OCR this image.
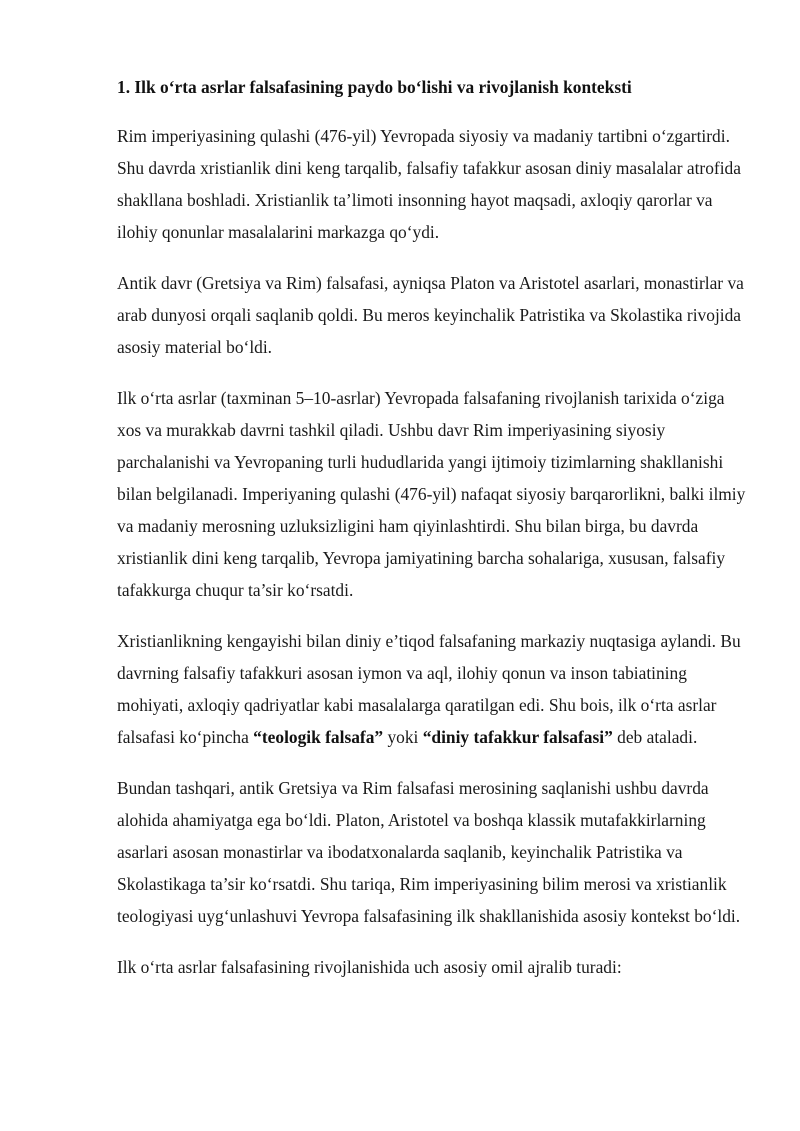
1. Ilk o‘rta asrlar falsafasining paydo bo‘lishi va rivojlanish konteksti

Rim imperiyasining qulashi (476-yil) Yevropada siyosiy va madaniy tartibni o‘zgartirdi. Shu davrda xristianlik dini keng tarqalib, falsafiy tafakkur asosan diniy masalalar atrofida shakllana boshladi. Xristianlik ta’limoti insonning hayot maqsadi, axloqiy qarorlar va ilohiy qonunlar masalalarini markazga qo‘ydi.

Antik davr (Gretsiya va Rim) falsafasi, ayniqsa Platon va Aristotel asarlari, monastirlar va arab dunyosi orqali saqlanib qoldi. Bu meros keyinchalik Patristika va Skolastika rivojida asosiy material bo‘ldi.

Ilk o‘rta asrlar (taxminan 5–10-asrlar) Yevropada falsafaning rivojlanish tarixida o‘ziga xos va murakkab davrni tashkil qiladi. Ushbu davr Rim imperiyasining siyosiy parchalanishi va Yevropaning turli hududlarida yangi ijtimoiy tizimlarning shakllanishi bilan belgilanadi. Imperiyaning qulashi (476-yil) nafaqat siyosiy barqarorlikni, balki ilmiy va madaniy merosning uzluksizligini ham qiyinlashtirdi. Shu bilan birga, bu davrda xristianlik dini keng tarqalib, Yevropa jamiyatining barcha sohalariga, xususan, falsafiy tafakkurga chuqur ta’sir ko‘rsatdi.

Xristianlikning kengayishi bilan diniy e’tiqod falsafaning markaziy nuqtasiga aylandi. Bu davrning falsafiy tafakkuri asosan iymon va aql, ilohiy qonun va inson tabiatining mohiyati, axloqiy qadriyatlar kabi masalalarga qaratilgan edi. Shu bois, ilk o‘rta asrlar falsafasi ko‘pincha “teologik falsafa” yoki “diniy tafakkur falsafasi” deb ataladi.

Bundan tashqari, antik Gretsiya va Rim falsafasi merosining saqlanishi ushbu davrda alohida ahamiyatga ega bo‘ldi. Platon, Aristotel va boshqa klassik mutafakkirlarning asarlari asosan monastirlar va ibodatxonalarda saqlanib, keyinchalik Patristika va Skolastikaga ta’sir ko‘rsatdi. Shu tariqa, Rim imperiyasining bilim merosi va xristianlik teologiyasi uyg‘unlashuvi Yevropa falsafasining ilk shakllanishida asosiy kontekst bo‘ldi.

Ilk o‘rta asrlar falsafasining rivojlanishida uch asosiy omil ajralib turadi:
